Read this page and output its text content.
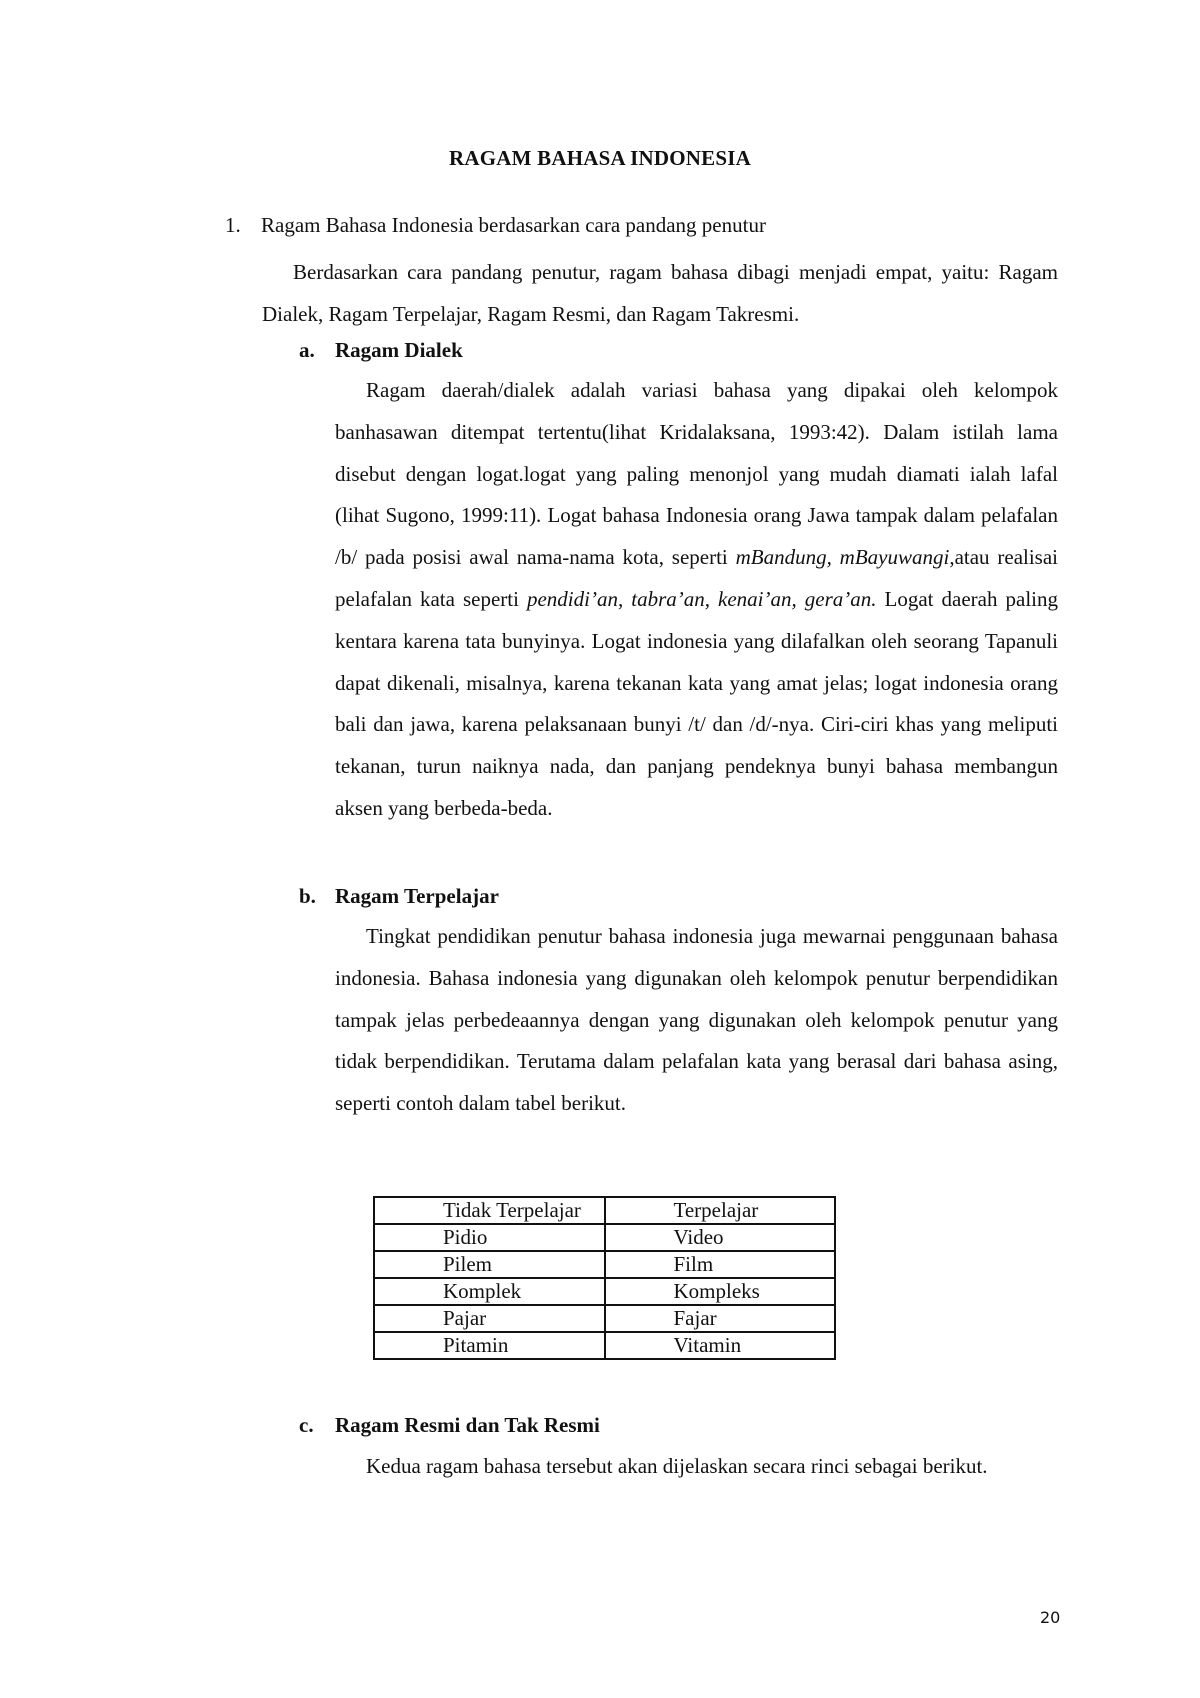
RAGAM BAHASA INDONESIA
1. Ragam Bahasa Indonesia berdasarkan cara pandang penutur

Berdasarkan cara pandang penutur, ragam bahasa dibagi menjadi empat, yaitu: Ragam Dialek, Ragam Terpelajar, Ragam Resmi, dan Ragam Takresmi.

a. Ragam Dialek

Ragam daerah/dialek adalah variasi bahasa yang dipakai oleh kelompok banhasawan ditempat tertentu(lihat Kridalaksana, 1993:42). Dalam istilah lama disebut dengan logat.logat yang paling menonjol yang mudah diamati ialah lafal (lihat Sugono, 1999:11). Logat bahasa Indonesia orang Jawa tampak dalam pelafalan /b/ pada posisi awal nama-nama kota, seperti mBandung, mBayuwangi,atau realisai pelafalan kata seperti pendidi’an, tabra’an, kenai’an, gera’an. Logat daerah paling kentara karena tata bunyinya. Logat indonesia yang dilafalkan oleh seorang Tapanuli dapat dikenali, misalnya, karena tekanan kata yang amat jelas; logat indonesia orang bali dan jawa, karena pelaksanaan bunyi /t/ dan /d/-nya. Ciri-ciri khas yang meliputi tekanan, turun naiknya nada, dan panjang pendeknya bunyi bahasa membangun aksen yang berbeda-beda.

b. Ragam Terpelajar

Tingkat pendidikan penutur bahasa indonesia juga mewarnai penggunaan bahasa indonesia. Bahasa indonesia yang digunakan oleh kelompok penutur berpendidikan tampak jelas perbedeaannya dengan yang digunakan oleh kelompok penutur yang tidak berpendidikan. Terutama dalam pelafalan kata yang berasal dari bahasa asing, seperti contoh dalam tabel berikut.

Tidak Terpelajar	Terpelajar
Pidio	Video
Pilem	Film
Komplek	Kompleks
Pajar	Fajar
Pitamin	Vitamin
c. Ragam Resmi dan Tak Resmi

Kedua ragam bahasa tersebut akan dijelaskan secara rinci sebagai berikut.

20
